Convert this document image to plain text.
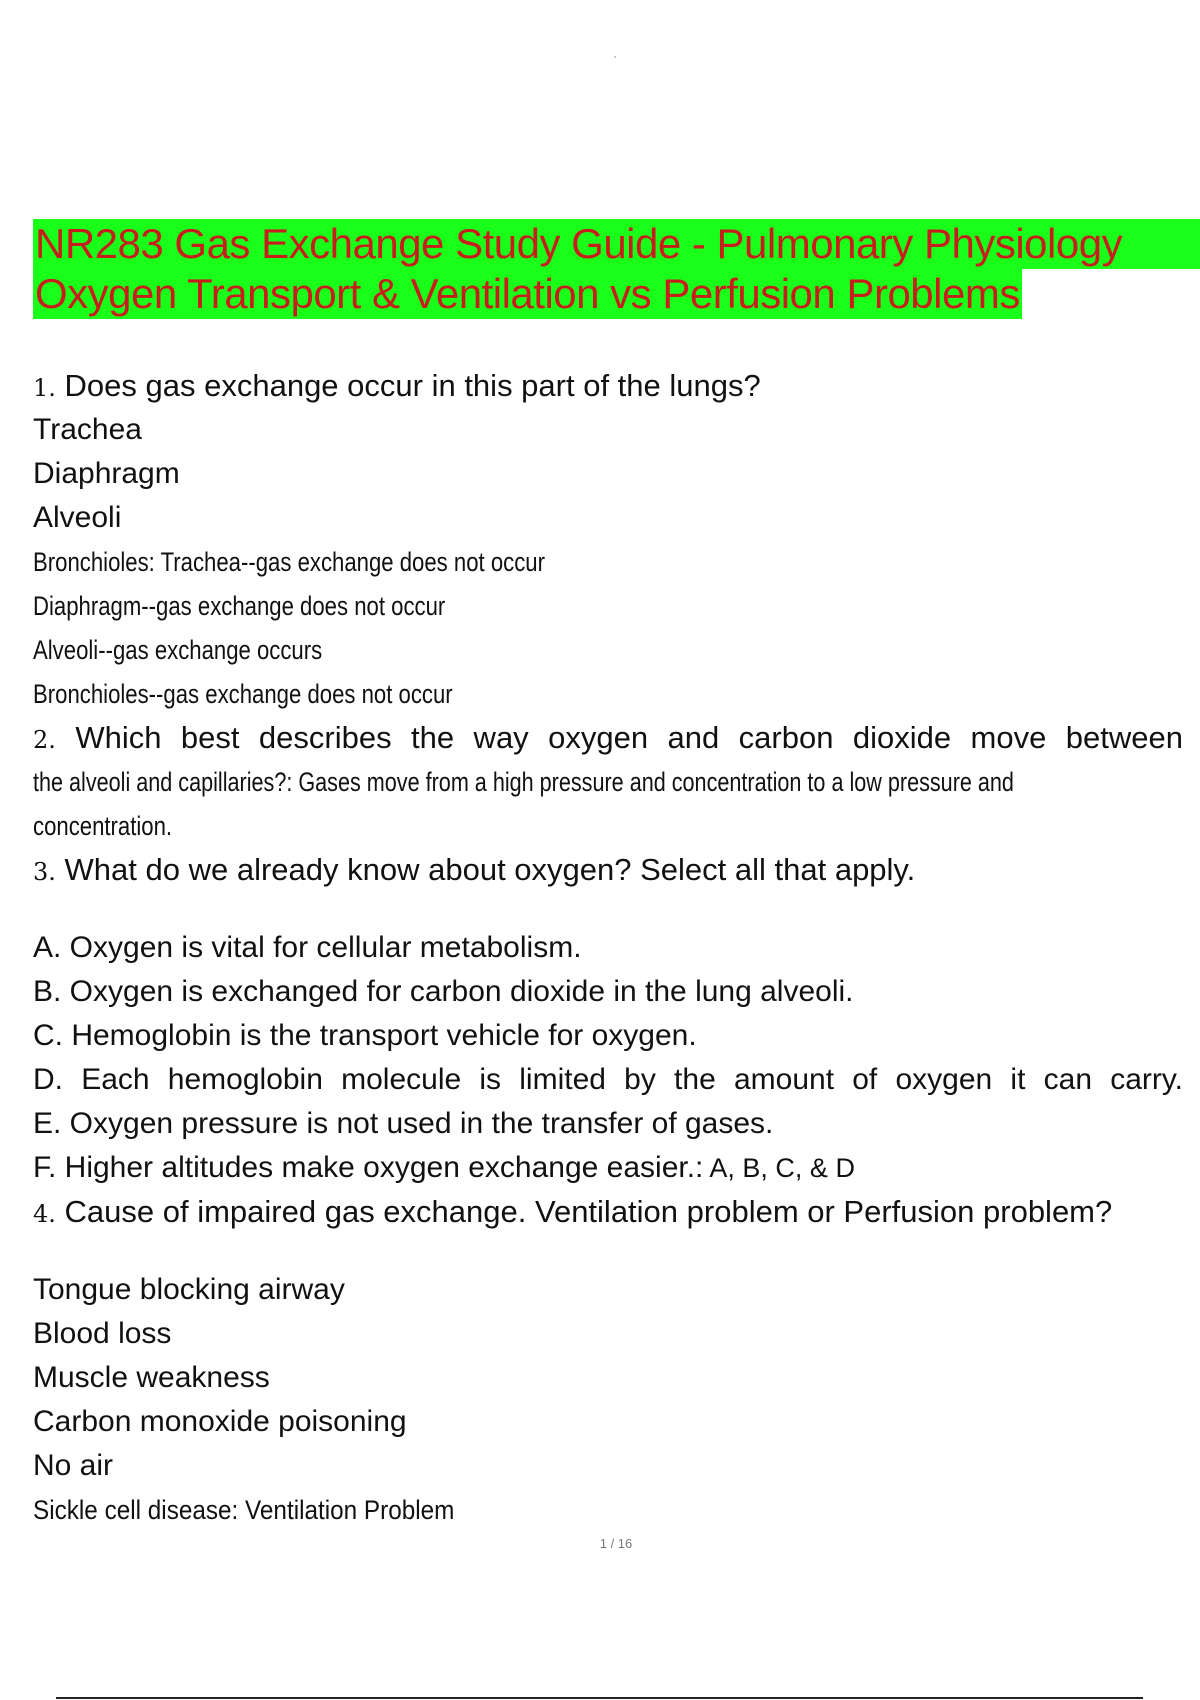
NR283 Gas Exchange Study Guide - Pulmonary Physiology
Oxygen Transport & Ventilation vs Perfusion Problems
1. Does gas exchange occur in this part of the lungs?
Trachea
Diaphragm
Alveoli
Bronchioles: Trachea--gas exchange does not occur
Diaphragm--gas exchange does not occur
Alveoli--gas exchange occurs
Bronchioles--gas exchange does not occur
2. Which best describes the way oxygen and carbon dioxide move between
the alveoli and capillaries?: Gases move from a high pressure and concentration to a low pressure and
concentration.
3. What do we already know about oxygen? Select all that apply.
A. Oxygen is vital for cellular metabolism.
B. Oxygen is exchanged for carbon dioxide in the lung alveoli.
C. Hemoglobin is the transport vehicle for oxygen.
D. Each hemoglobin molecule is limited by the amount of oxygen it can carry.
E. Oxygen pressure is not used in the transfer of gases.
F. Higher altitudes make oxygen exchange easier.: A, B, C, & D
4. Cause of impaired gas exchange. Ventilation problem or Perfusion problem?
Tongue blocking airway
Blood loss
Muscle weakness
Carbon monoxide poisoning
No air
Sickle cell disease: Ventilation Problem
1 / 16
